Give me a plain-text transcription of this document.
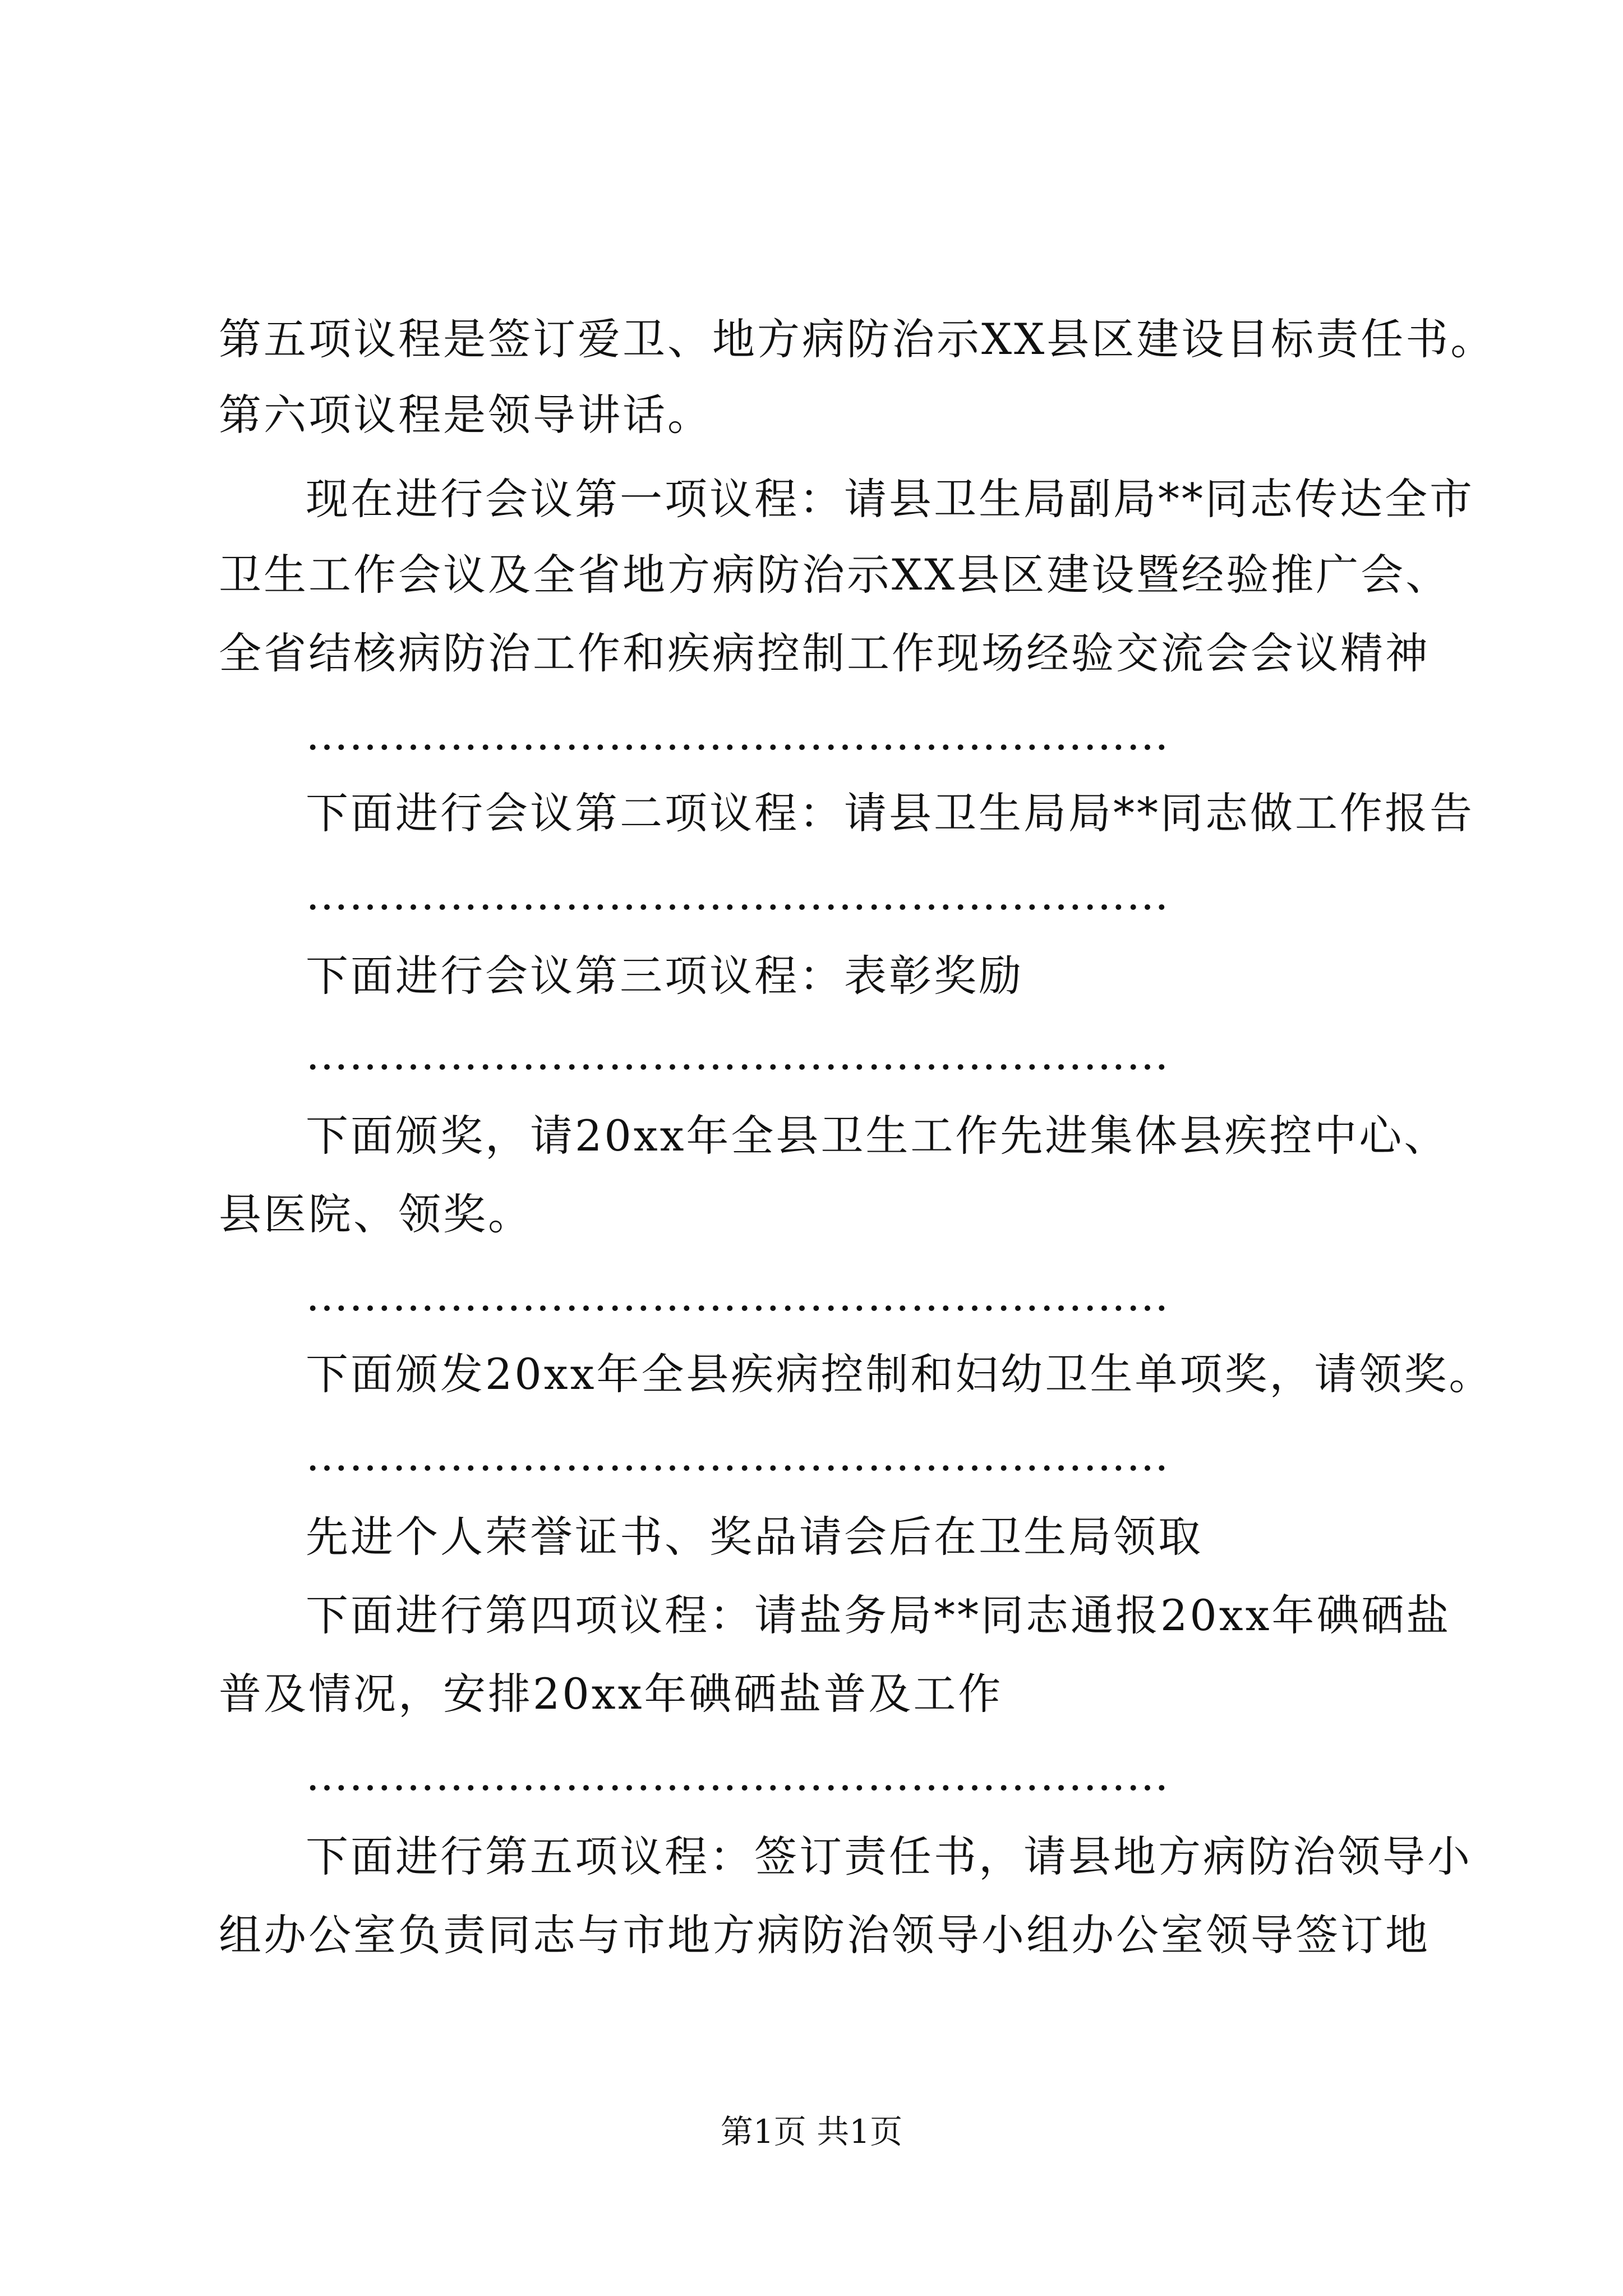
第五项议程是签订爱卫、地方病防治示XX县区建设目标责任书。
第六项议程是领导讲话。
现在进行会议第一项议程：请县卫生局副局**同志传达全市
卫生工作会议及全省地方病防治示XX县区建设暨经验推广会、
全省结核病防治工作和疾病控制工作现场经验交流会会议精神
……………………………………………………
下面进行会议第二项议程：请县卫生局局**同志做工作报告
……………………………………………………
下面进行会议第三项议程：表彰奖励
……………………………………………………
下面颁奖，请20xx年全县卫生工作先进集体县疾控中心、
县医院、领奖。
……………………………………………………
下面颁发20xx年全县疾病控制和妇幼卫生单项奖，请领奖。
……………………………………………………
先进个人荣誉证书、奖品请会后在卫生局领取
下面进行第四项议程：请盐务局**同志通报20xx年碘硒盐
普及情况，安排20xx年碘硒盐普及工作
……………………………………………………
下面进行第五项议程：签订责任书，请县地方病防治领导小
组办公室负责同志与市地方病防治领导小组办公室领导签订地
第1页 共1页
